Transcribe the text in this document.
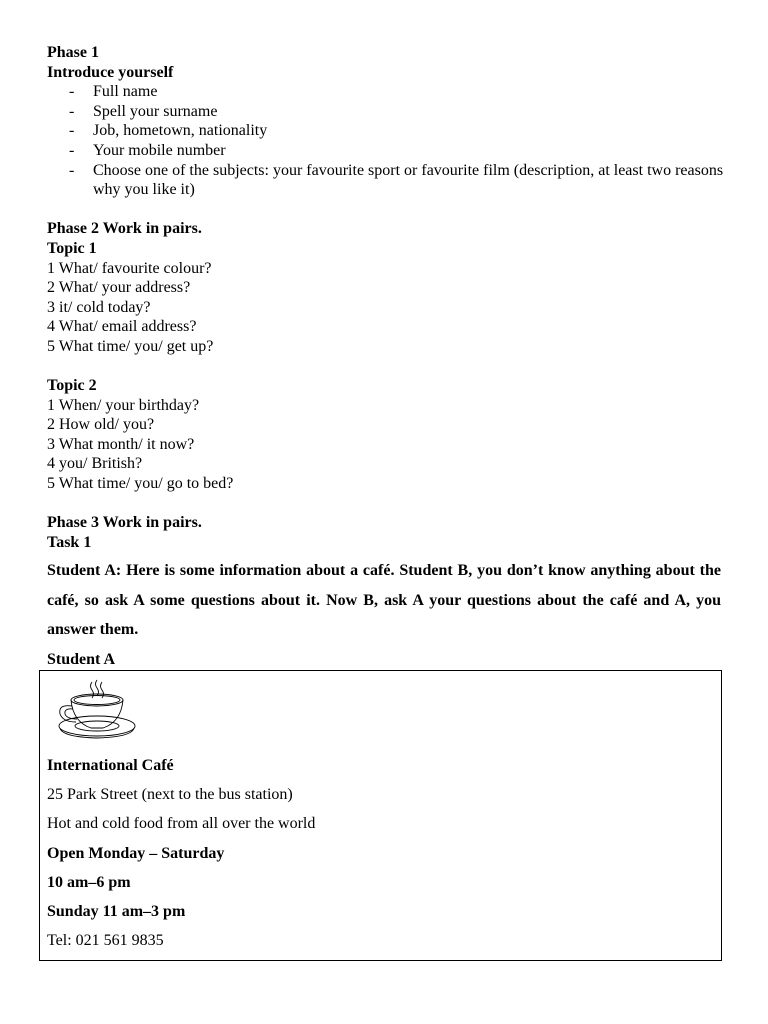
Phase 1
Introduce yourself
- Full name
- Spell your surname
- Job, hometown, nationality
- Your mobile number
- Choose one of the subjects: your favourite sport or favourite film (description, at least two reasons why you like it)
Phase 2 Work in pairs.
Topic 1
1 What/ favourite colour?
2 What/ your address?
3 it/ cold today?
4 What/ email address?
5 What time/ you/ get up?
Topic 2
1 When/ your birthday?
2 How old/ you?
3 What month/ it now?
4 you/ British?
5 What time/ you/ go to bed?
Phase 3 Work in pairs.
Task 1
Student A: Here is some information about a café. Student B, you don’t know anything about the café, so ask A some questions about it. Now B, ask A your questions about the café and A, you answer them.
Student A
International Café
25 Park Street (next to the bus station)
Hot and cold food from all over the world
Open Monday – Saturday
10 am–6 pm
Sunday 11 am–3 pm
Tel: 021 561 9835
